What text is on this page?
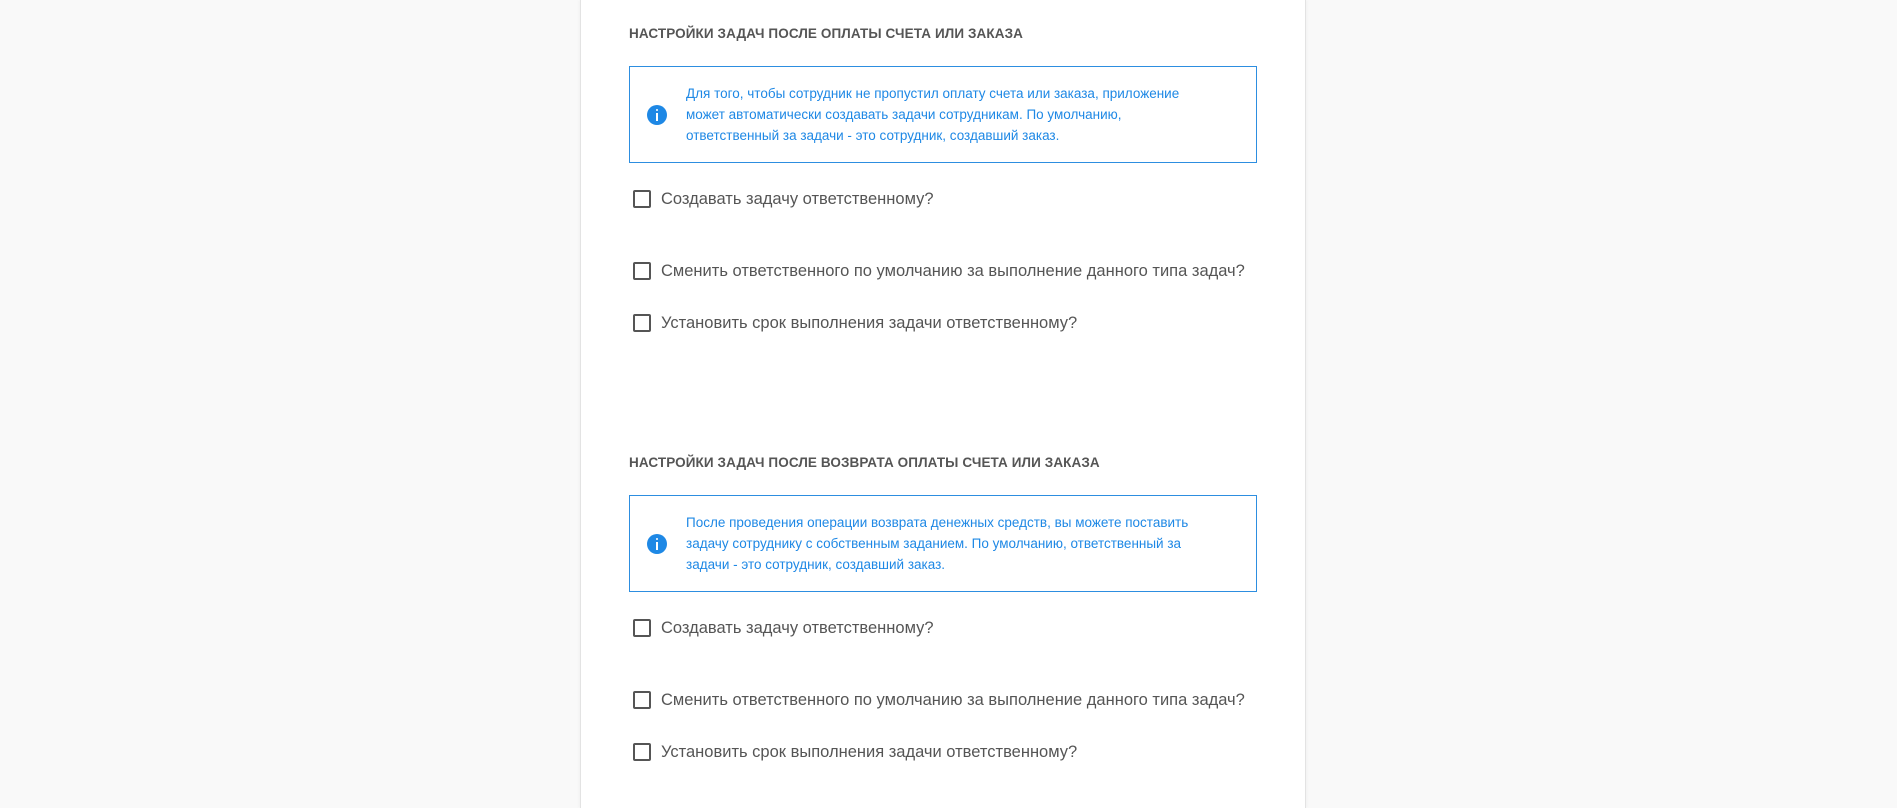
НАСТРОЙКИ ЗАДАЧ ПОСЛЕ ОПЛАТЫ СЧЕТА ИЛИ ЗАКАЗА
Для того, чтобы сотрудник не пропустил оплату счета или заказа, приложение
может автоматически создавать задачи сотрудникам. По умолчанию,
ответственный за задачи - это сотрудник, создавший заказ.
Создавать задачу ответственному?
Сменить ответственного по умолчанию за выполнение данного типа задач?
Установить срок выполнения задачи ответственному?
НАСТРОЙКИ ЗАДАЧ ПОСЛЕ ВОЗВРАТА ОПЛАТЫ СЧЕТА ИЛИ ЗАКАЗА
После проведения операции возврата денежных средств, вы можете поставить
задачу сотруднику с собственным заданием. По умолчанию, ответственный за
задачи - это сотрудник, создавший заказ.
Создавать задачу ответственному?
Сменить ответственного по умолчанию за выполнение данного типа задач?
Установить срок выполнения задачи ответственному?
